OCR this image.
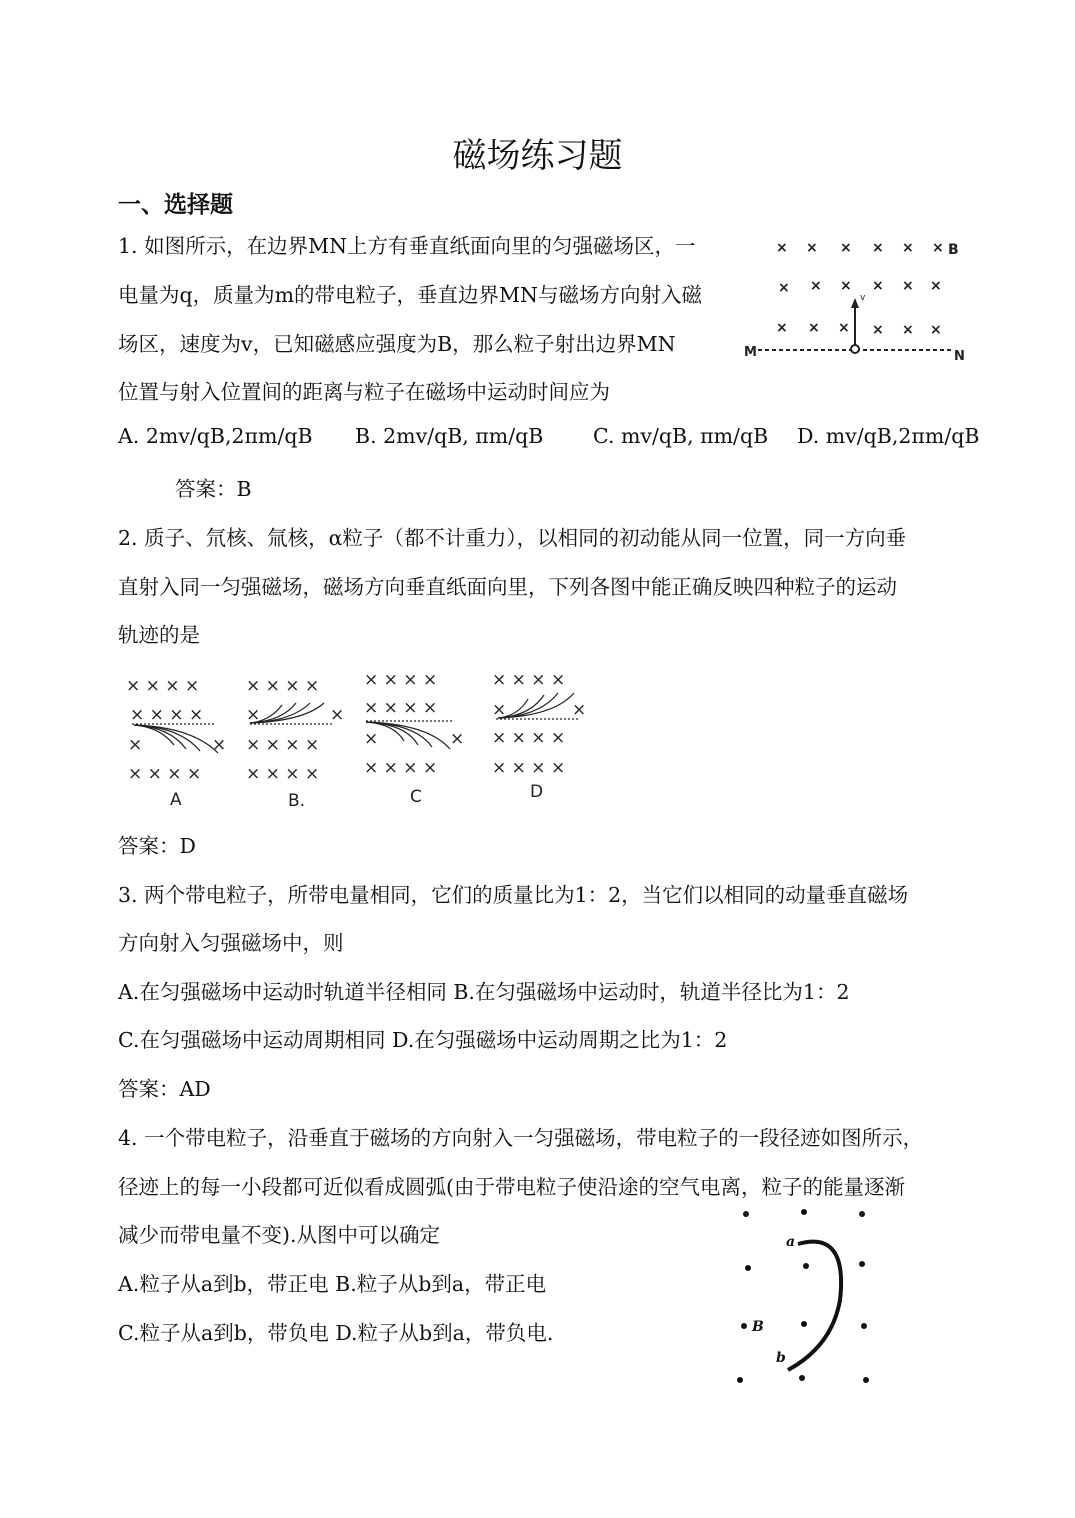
磁场练习题
一、选择题
1. 如图所示，在边界MN上方有垂直纸面向里的匀强磁场区，一
电量为q，质量为m的带电粒子，垂直边界MN与磁场方向射入磁
场区，速度为v，已知磁感应强度为B，那么粒子射出边界MN
位置与射入位置间的距离与粒子在磁场中运动时间应为
A. 2mv/qB,2πm/qB B. 2mv/qB, πm/qB C. mv/qB, πm/qB D. mv/qB,2πm/qB
答案：B
× × × × × ×
× × × × × ×
× × × × × ×
B
M	N
v
2. 质子、氘核、氚核，α粒子（都不计重力），以相同的初动能从同一位置，同一方向垂
直射入同一匀强磁场，磁场方向垂直纸面向里，下列各图中能正确反映四种粒子的运动
轨迹的是
× × × ×
× × × ×
×	×
× × × ×
× × × ×
×	×
× × × ×
× × × ×
× × × ×
× × × ×
×	×
× × × ×
× × × ×
×	×
× × × ×
× × × ×
A	B.	C	D
答案：D
3. 两个带电粒子，所带电量相同，它们的质量比为1：2，当它们以相同的动量垂直磁场
方向射入匀强磁场中，则
A.在匀强磁场中运动时轨道半径相同 B.在匀强磁场中运动时，轨道半径比为1：2
C.在匀强磁场中运动周期相同 D.在匀强磁场中运动周期之比为1：2
答案：AD
4. 一个带电粒子，沿垂直于磁场的方向射入一匀强磁场，带电粒子的一段径迹如图所示，
径迹上的每一小段都可近似看成圆弧(由于带电粒子使沿途的空气电离，粒子的能量逐渐
减少而带电量不变).从图中可以确定
A.粒子从a到b，带正电 B.粒子从b到a，带正电
C.粒子从a到b，带负电 D.粒子从b到a，带负电.
a
b
B
